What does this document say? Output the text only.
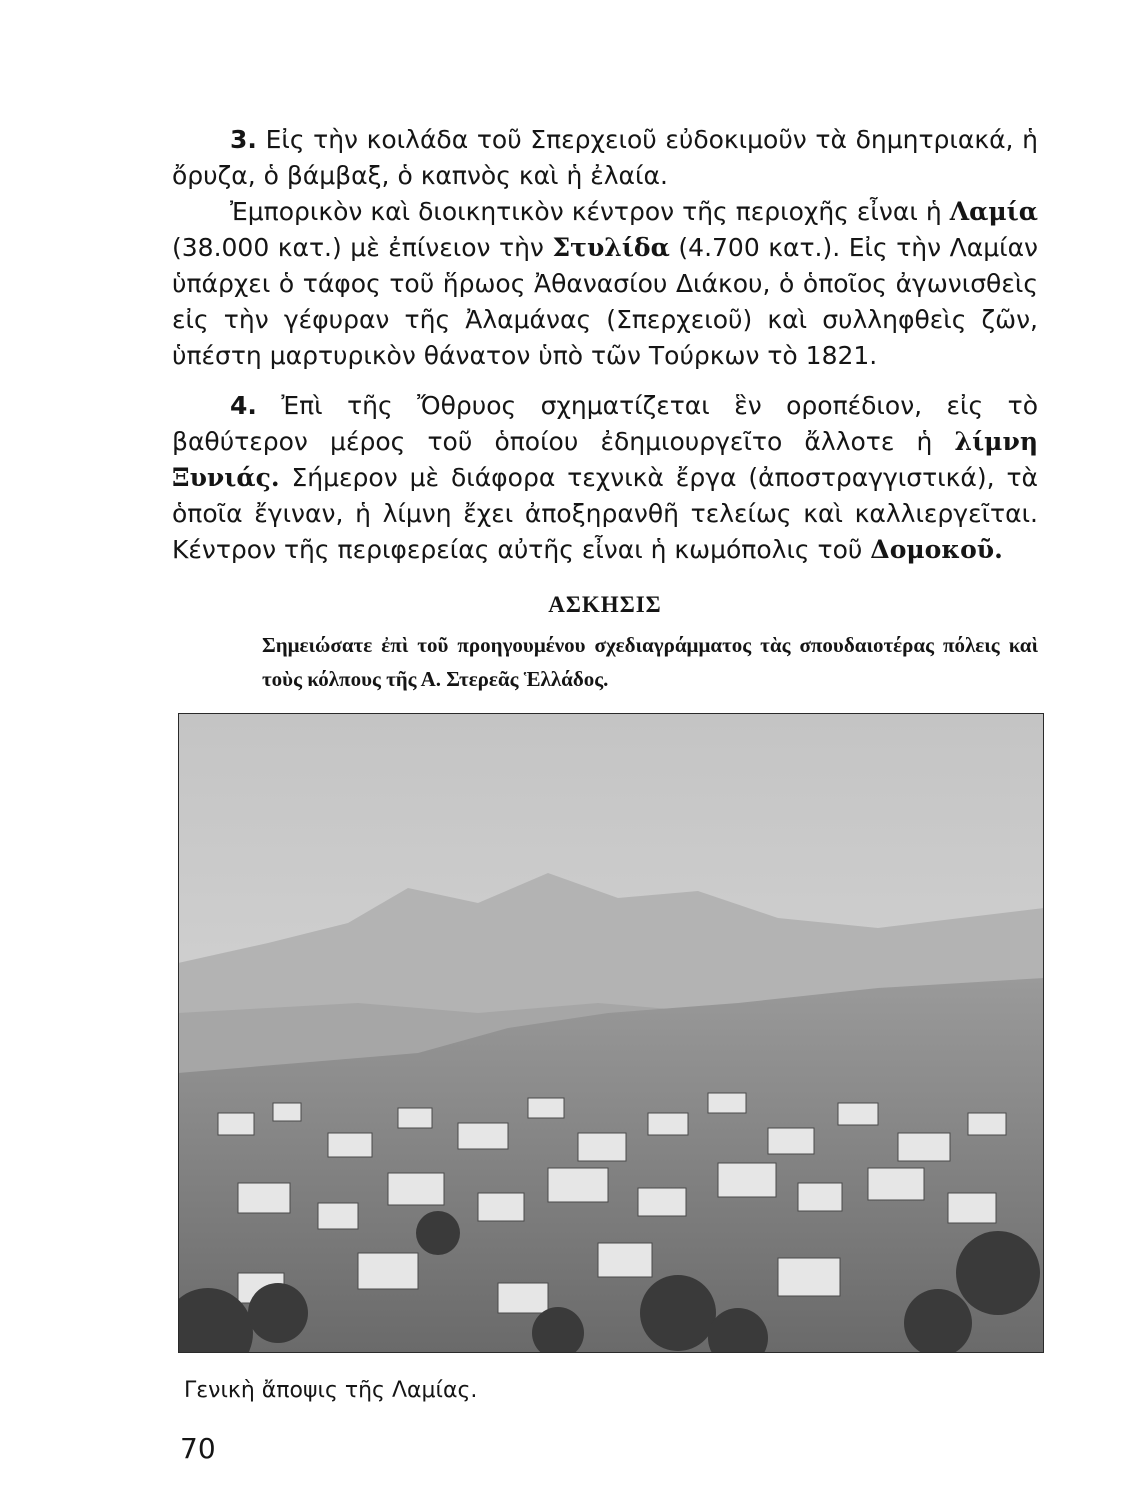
3. Εἰς τὴν κοιλάδα τοῦ Σπερχειοῦ εὐδοκιμοῦν τὰ δημητριακά, ἡ ὄρυζα, ὁ βάμβαξ, ὁ καπνὸς καὶ ἡ ἐλαία.
Ἐμπορικὸν καὶ διοικητικὸν κέντρον τῆς περιοχῆς εἶναι ἡ Λαμία (38.000 κατ.) μὲ ἐπίνειον τὴν Στυλίδα (4.700 κατ.). Εἰς τὴν Λαμίαν ὑπάρχει ὁ τάφος τοῦ ἥρωος Ἀθανασίου Διάκου, ὁ ὁποῖος ἀγωνισθεὶς εἰς τὴν γέφυραν τῆς Ἀλαμάνας (Σπερχειοῦ) καὶ συλληφθεὶς ζῶν, ὑπέστη μαρτυρικὸν θάνατον ὑπὸ τῶν Τούρκων τὸ 1821.

4. Ἐπὶ τῆς Ὄθρυος σχηματίζεται ἓν οροπέδιον, εἰς τὸ βαθύτερον μέρος τοῦ ὁποίου ἐδημιουργεῖτο ἄλλοτε ἡ λίμνη Ξυνιάς. Σήμερον μὲ διάφορα τεχνικὰ ἔργα (ἀποστραγγιστικά), τὰ ὁποῖα ἔγιναν, ἡ λίμνη ἔχει ἀποξηρανθῆ τελείως καὶ καλλιεργεῖται. Κέντρον τῆς περιφερείας αὐτῆς εἶναι ἡ κωμόπολις τοῦ Δομοκοῦ.

ΑΣΚΗΣΙΣ
Σημειώσατε ἐπὶ τοῦ προηγουμένου σχεδιαγράμματος τὰς σπουδαιοτέρας πόλεις καὶ τοὺς κόλπους τῆς Α. Στερεᾶς Ἑλλάδος.
Γενικὴ ἄποψις τῆς Λαμίας.
70
